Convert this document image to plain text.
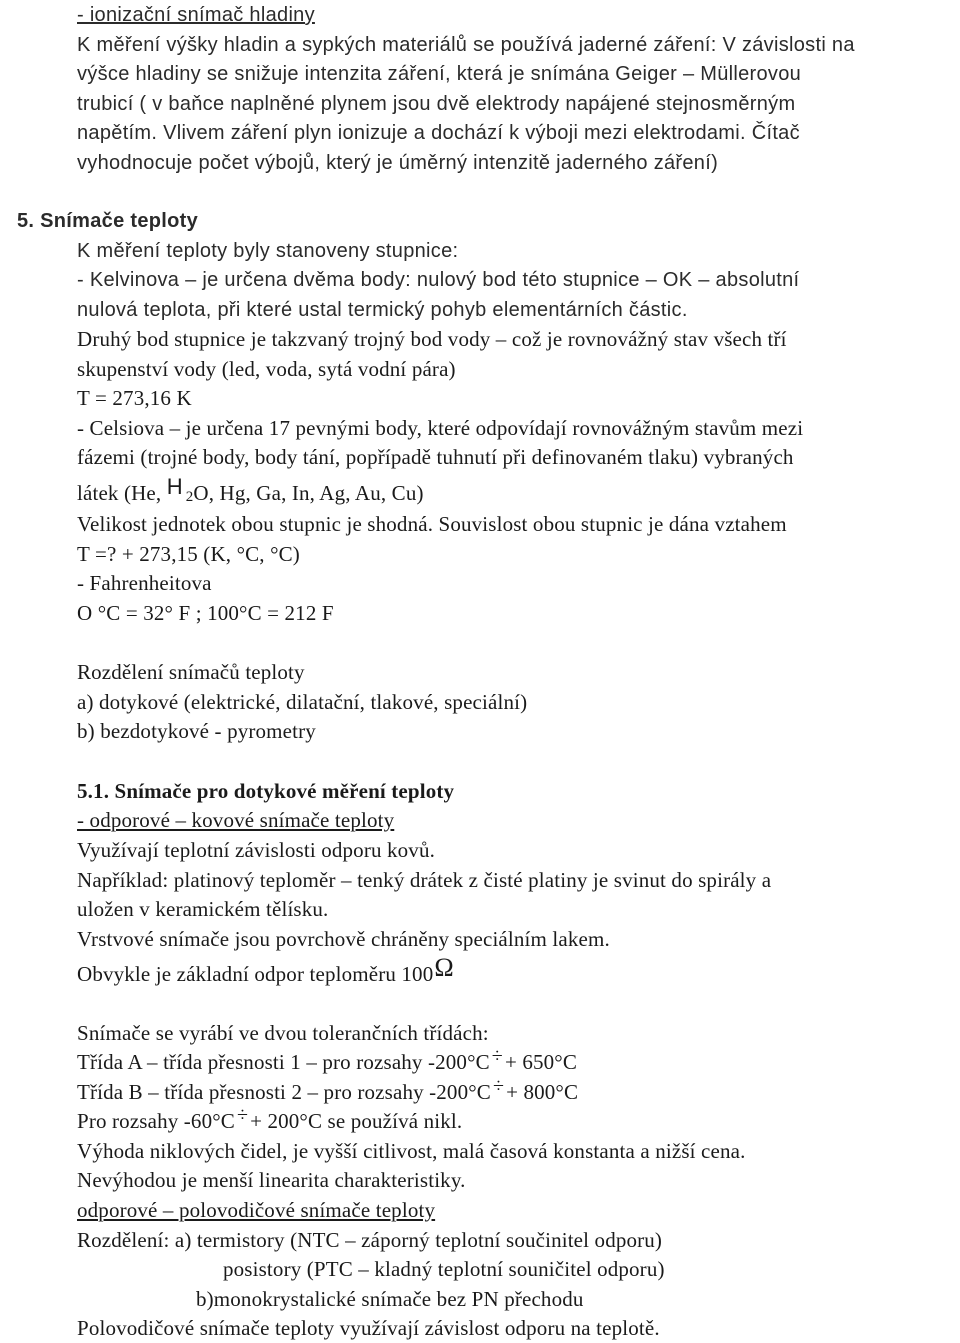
- ionizační snímač hladiny
K měření výšky hladin a sypkých materiálů se používá jaderné záření: V závislosti na
výšce hladiny se snižuje intenzita záření, která je snímána Geiger – Müllerovou
trubicí ( v baňce naplněné plynem jsou dvě elektrody napájené stejnosměrným
napětím. Vlivem záření plyn ionizuje a dochází k výboji mezi elektrodami. Čítač
vyhodnocuje počet výbojů, který je úměrný intenzitě jaderného záření)
5. Snímače teploty
K měření teploty byly stanoveny stupnice:
- Kelvinova – je určena dvěma body: nulový bod této stupnice – OK – absolutní
nulová teplota, při které ustal termický pohyb elementárních částic.
Druhý bod stupnice je takzvaný trojný bod vody – což je rovnovážný stav všech tří
skupenství vody (led, voda, sytá vodní pára)
T = 273,16 K
- Celsiova – je určena 17 pevnými body, které odpovídají rovnovážným stavům mezi
fázemi (trojné body, body tání, popřípadě tuhnutí při definovaném tlaku) vybraných
látek (He, H 2O, Hg, Ga, In, Ag, Au, Cu)
Velikost jednotek obou stupnic je shodná. Souvislost obou stupnic je dána vztahem
T =? + 273,15 (K, °C, °C)
- Fahrenheitova
O °C = 32° F ; 100°C = 212 F
Rozdělení snímačů teploty
a) dotykové (elektrické, dilatační, tlakové, speciální)
b) bezdotykové - pyrometry
5.1. Snímače pro dotykové měření teploty
- odporové – kovové snímače teploty
Využívají teplotní závislosti odporu kovů.
Například: platinový teploměr – tenký drátek z čisté platiny je svinut do spirály a
uložen v keramickém tělísku.
Vrstvové snímače jsou povrchově chráněny speciálním lakem.
Obvykle je základní odpor teploměru 100Ω
Snímače se vyrábí ve dvou tolerančních třídách:
Třída A – třída přesnosti 1 – pro rozsahy -200°C ÷+ 650°C
Třída B – třída přesnosti 2 – pro rozsahy -200°C ÷+ 800°C
Pro rozsahy -60°C ÷+ 200°C se používá nikl.
Výhoda niklových čidel, je vyšší citlivost, malá časová konstanta a nižší cena.
Nevýhodou je menší linearita charakteristiky.
odporové – polovodičové snímače teploty
Rozdělení: a) termistory (NTC – záporný teplotní součinitel odporu)
posistory (PTC – kladný teplotní souničitel odporu)
b)monokrystalické snímače bez PN přechodu
Polovodičové snímače teploty využívají závislost odporu na teplotě.
